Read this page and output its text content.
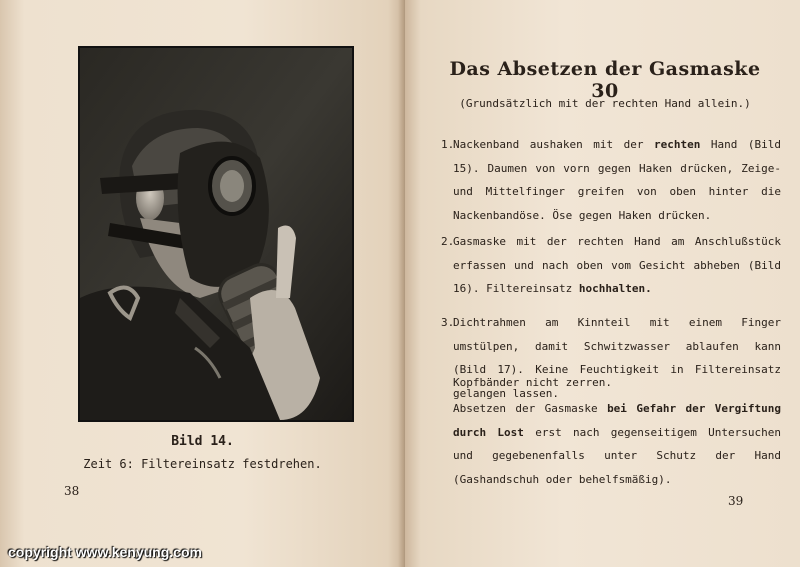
Bild 14.
Zeit 6: Filtereinsatz festdrehen.
38
Das Absetzen der Gasmaske 30
(Grundsätzlich mit der rechten Hand allein.)
1.
Nackenband aushaken mit der rechten Hand (Bild 15). Daumen von vorn gegen Haken drücken, Zeige- und Mittelfinger greifen von oben hinter die Nackenbandöse. Öse gegen Haken drücken.
2.
Gasmaske mit der rechten Hand am Anschlußstück erfassen und nach oben vom Gesicht abheben (Bild 16). Filtereinsatz hochhalten.
3.
Dichtrahmen am Kinnteil mit einem Finger umstülpen, damit Schwitzwasser ablaufen kann (Bild 17). Keine Feuchtigkeit in Filtereinsatz gelangen lassen.
Kopfbänder nicht zerren.
Absetzen der Gasmaske bei Gefahr der Vergiftung durch Lost erst nach gegenseitigem Untersuchen und gegebenenfalls unter Schutz der Hand (Gashandschuh oder behelfsmäßig).
39
copyright www.kenyung.com
